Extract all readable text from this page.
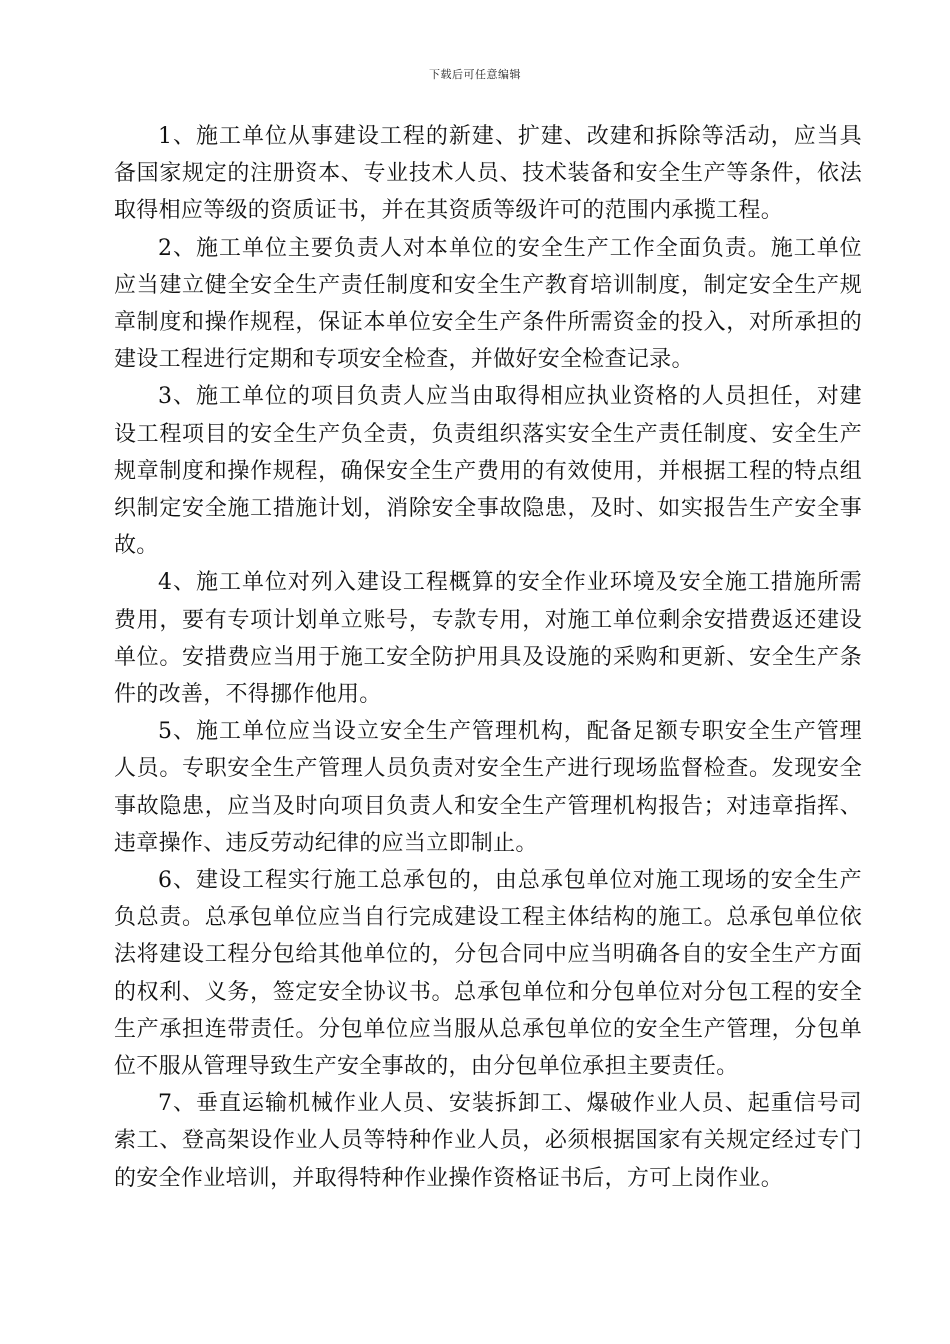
下载后可任意编辑

1、施工单位从事建设工程的新建、扩建、改建和拆除等活动，应当具备国家规定的注册资本、专业技术人员、技术装备和安全生产等条件，依法取得相应等级的资质证书，并在其资质等级许可的范围内承揽工程。

2、施工单位主要负责人对本单位的安全生产工作全面负责。施工单位应当建立健全安全生产责任制度和安全生产教育培训制度，制定安全生产规章制度和操作规程，保证本单位安全生产条件所需资金的投入，对所承担的建设工程进行定期和专项安全检查，并做好安全检查记录。

3、施工单位的项目负责人应当由取得相应执业资格的人员担任，对建设工程项目的安全生产负全责，负责组织落实安全生产责任制度、安全生产规章制度和操作规程，确保安全生产费用的有效使用，并根据工程的特点组织制定安全施工措施计划，消除安全事故隐患，及时、如实报告生产安全事故。

4、施工单位对列入建设工程概算的安全作业环境及安全施工措施所需费用，要有专项计划单立账号，专款专用，对施工单位剩余安措费返还建设单位。安措费应当用于施工安全防护用具及设施的采购和更新、安全生产条件的改善，不得挪作他用。

5、施工单位应当设立安全生产管理机构，配备足额专职安全生产管理人员。专职安全生产管理人员负责对安全生产进行现场监督检查。发现安全事故隐患，应当及时向项目负责人和安全生产管理机构报告；对违章指挥、违章操作、违反劳动纪律的应当立即制止。

6、建设工程实行施工总承包的，由总承包单位对施工现场的安全生产负总责。总承包单位应当自行完成建设工程主体结构的施工。总承包单位依法将建设工程分包给其他单位的，分包合同中应当明确各自的安全生产方面的权利、义务，签定安全协议书。总承包单位和分包单位对分包工程的安全生产承担连带责任。分包单位应当服从总承包单位的安全生产管理，分包单位不服从管理导致生产安全事故的，由分包单位承担主要责任。

7、垂直运输机械作业人员、安装拆卸工、爆破作业人员、起重信号司索工、登高架设作业人员等特种作业人员，必须根据国家有关规定经过专门的安全作业培训，并取得特种作业操作资格证书后，方可上岗作业。
